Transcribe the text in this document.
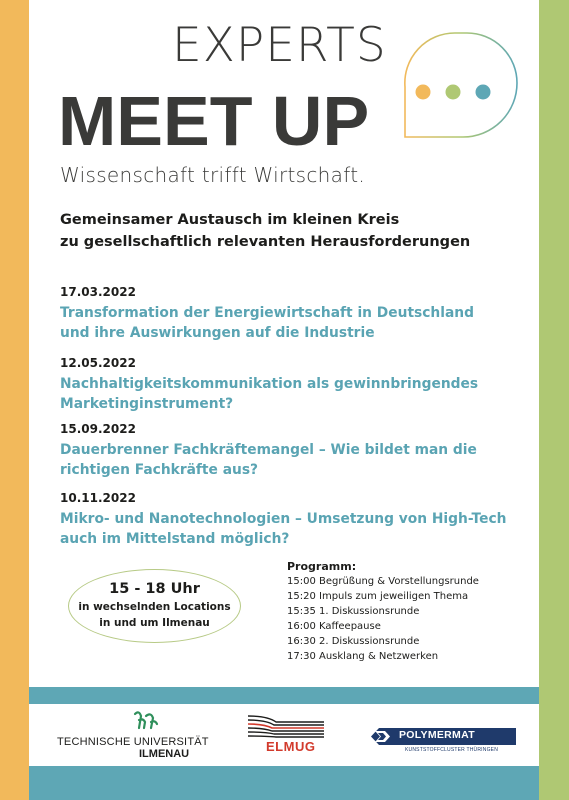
EXPERTS
MEET UP
Wissenschaft trifft Wirtschaft.
Gemeinsamer Austausch im kleinen Kreis
zu gesellschaftlich relevanten Herausforderungen
17.03.2022
Transformation der Energiewirtschaft in Deutschland
und ihre Auswirkungen auf die Industrie
12.05.2022
Nachhaltigkeitskommunikation als gewinnbringendes
Marketinginstrument?
15.09.2022
Dauerbrenner Fachkräftemangel – Wie bildet man die
richtigen Fachkräfte aus?
10.11.2022
Mikro- und Nanotechnologien – Umsetzung von High-Tech
auch im Mittelstand möglich?
15 - 18 Uhr
in wechselnden Locations
in und um Ilmenau
Programm:
15:00 Begrüßung & Vorstellungsrunde
15:20 Impuls zum jeweiligen Thema
15:35 1. Diskussionsrunde
16:00 Kaffeepause
16:30 2. Diskussionsrunde
17:30 Ausklang & Netzwerken
TECHNISCHE UNIVERSITÄT
ILMENAU	ELMUG
POLYMERMAT
KUNSTSTOFFCLUSTER THÜRINGEN
